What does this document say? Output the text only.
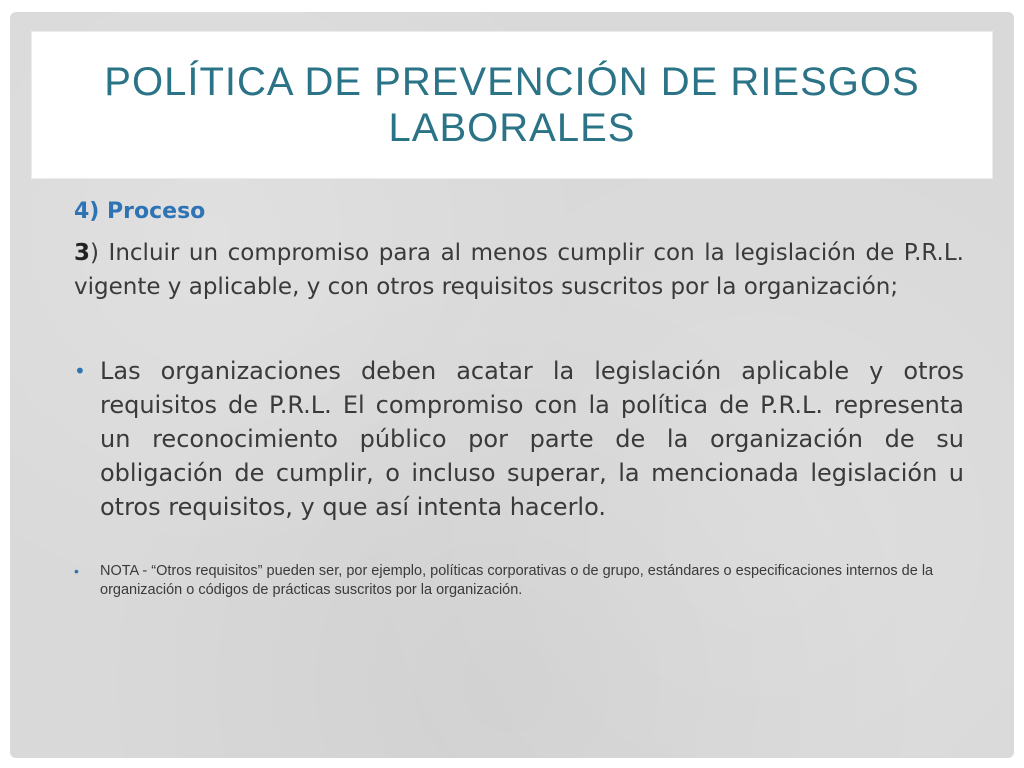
POLÍTICA DE PREVENCIÓN DE RIESGOS LABORALES

4) Proceso

3) Incluir un compromiso para al menos cumplir con la legislación de P.R.L. vigente y aplicable, y con otros requisitos suscritos por la organización;

• Las organizaciones deben acatar la legislación aplicable y otros requisitos de P.R.L. El compromiso con la política de P.R.L. representa un reconocimiento público por parte de la organización de su obligación de cumplir, o incluso superar, la mencionada legislación u otros requisitos, y que así intenta hacerlo.

• NOTA - “Otros requisitos” pueden ser, por ejemplo, políticas corporativas o de grupo, estándares o especificaciones internos de la organización o códigos de prácticas suscritos por la organización.
